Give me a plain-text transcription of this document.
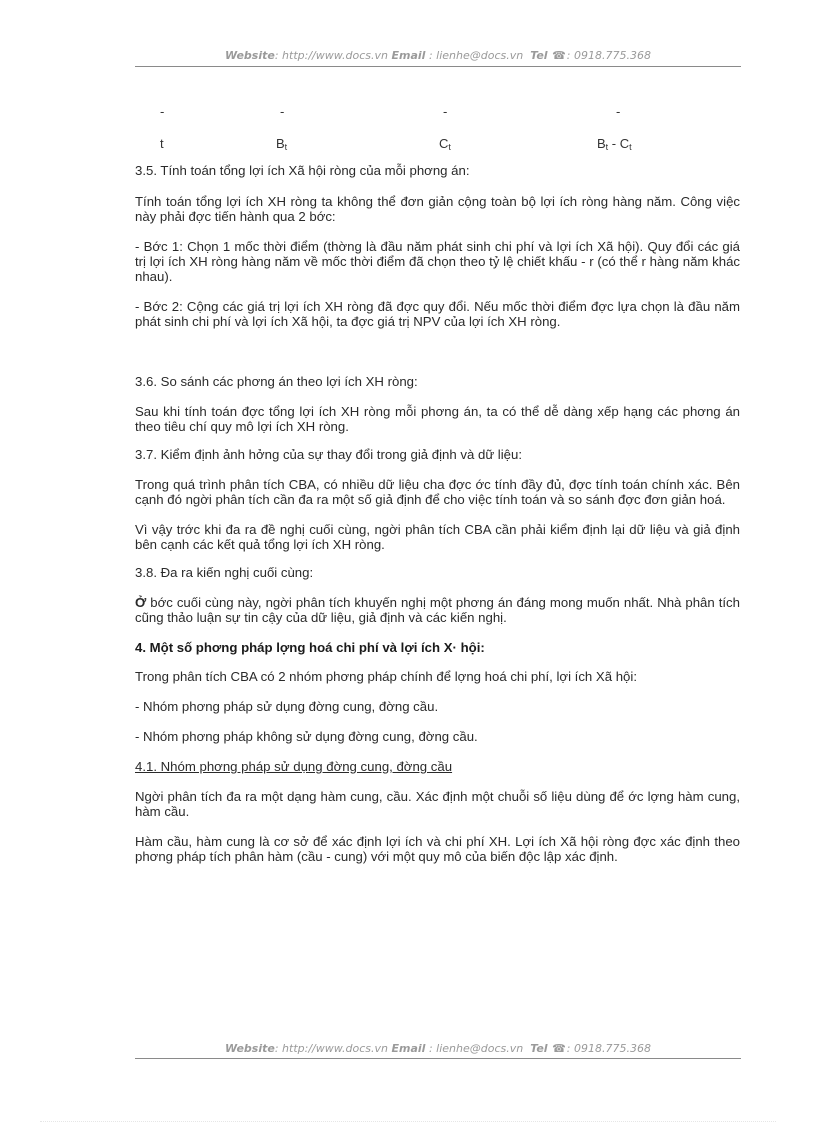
Website: http://www.docs.vn Email : lienhe@docs.vn  Tel ☎: 0918.775.368
-	-	-	-
t	$B_t$	$C_t$	$B_t - C_t$

3.5. Tính toán tổng lợi ích Xã hội ròng của mỗi phơng án:

Tính toán tổng lợi ích XH ròng ta không thể đơn giản cộng toàn bộ lợi ích ròng hàng năm. Công việc này phải đợc tiến hành qua 2 bớc:

- Bớc 1: Chọn 1 mốc thời điểm (thờng là đầu năm phát sinh chi phí và lợi ích Xã hội). Quy đổi các giá trị lợi ích XH ròng hàng năm về mốc thời điểm đã chọn theo tỷ lệ chiết khấu - r (có thể r hàng năm khác nhau).

- Bớc 2: Cộng các giá trị lợi ích XH ròng đã đợc quy đổi. Nếu mốc thời điểm đợc lựa chọn là đầu năm phát sinh chi phí và lợi ích Xã hội, ta đợc giá trị NPV của lợi ích XH ròng.

3.6. So sánh các phơng án theo lợi ích XH ròng:

Sau khi tính toán đợc tổng lợi ích XH ròng mỗi phơng án, ta có thể dễ dàng xếp hạng các phơng án theo tiêu chí quy mô lợi ích XH ròng.

3.7. Kiểm định ảnh hởng của sự thay đổi trong giả định và dữ liệu:

Trong quá trình phân tích CBA, có nhiều dữ liệu cha đợc ớc tính đầy đủ, đợc tính toán chính xác. Bên cạnh đó ngời phân tích cần đa ra một số giả định để cho việc tính toán và so sánh đợc đơn giản hoá.

Vì vậy trớc khi đa ra đề nghị cuối cùng, ngời phân tích CBA cần phải kiểm định lại dữ liệu và giả định bên cạnh các kết quả tổng lợi ích XH ròng.

3.8. Đa ra kiến nghị cuối cùng:

Ở bớc cuối cùng này, ngời phân tích khuyến nghị một phơng án đáng mong muốn nhất. Nhà phân tích cũng thảo luận sự tin cậy của dữ liệu, giả định và các kiến nghị.

4. Một số phơng pháp lợng hoá chi phí và lợi ích X· hội:

Trong phân tích CBA có 2 nhóm phơng pháp chính để lợng hoá chi phí, lợi ích Xã hội:

- Nhóm phơng pháp sử dụng đờng cung, đờng cầu.

- Nhóm phơng pháp không sử dụng đờng cung, đờng cầu.

4.1. Nhóm phơng pháp sử dụng đờng cung, đờng cầu

Ngời phân tích đa ra một dạng hàm cung, cầu. Xác định một chuỗi số liệu dùng để ớc lợng hàm cung, hàm cầu.

Hàm cầu, hàm cung là cơ sở để xác định lợi ích và chi phí XH. Lợi ích Xã hội ròng đợc xác định theo phơng pháp tích phân hàm (cầu - cung) với một quy mô của biến độc lập xác định.

Website: http://www.docs.vn Email : lienhe@docs.vn  Tel ☎: 0918.775.368
